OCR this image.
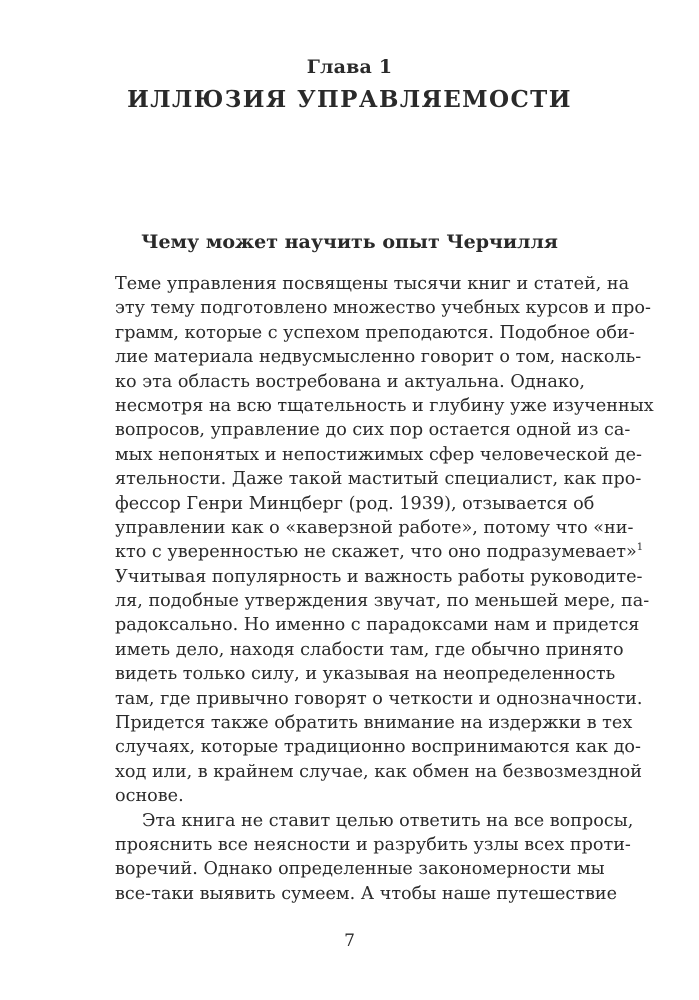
Глава 1
ИЛЛЮЗИЯ УПРАВЛЯЕМОСТИ
Чему может научить опыт Черчилля
Теме управления посвящены тысячи книг и статей, на
эту тему подготовлено множество учебных курсов и про-
грамм, которые с успехом преподаются. Подобное оби-
лие материала недвусмысленно говорит о том, насколь-
ко эта область востребована и актуальна. Однако,
несмотря на всю тщательность и глубину уже изученных
вопросов, управление до сих пор остается одной из са-
мых непонятых и непостижимых сфер человеческой де-
ятельности. Даже такой маститый специалист, как про-
фессор Генри Минцберг (род. 1939), отзывается об
управлении как о «каверзной работе», потому что «ни-
кто с уверенностью не скажет, что оно подразумевает»$^1$
Учитывая популярность и важность работы руководите-
ля, подобные утверждения звучат, по меньшей мере, па-
радоксально. Но именно с парадоксами нам и придется
иметь дело, находя слабости там, где обычно принято
видеть только силу, и указывая на неопределенность
там, где привычно говорят о четкости и однозначности.
Придется также обратить внимание на издержки в тех
случаях, которые традиционно воспринимаются как до-
ход или, в крайнем случае, как обмен на безвозмездной
основе.
Эта книга не ставит целью ответить на все вопросы,
прояснить все неясности и разрубить узлы всех проти-
воречий. Однако определенные закономерности мы
все-таки выявить сумеем. А чтобы наше путешествие
7
